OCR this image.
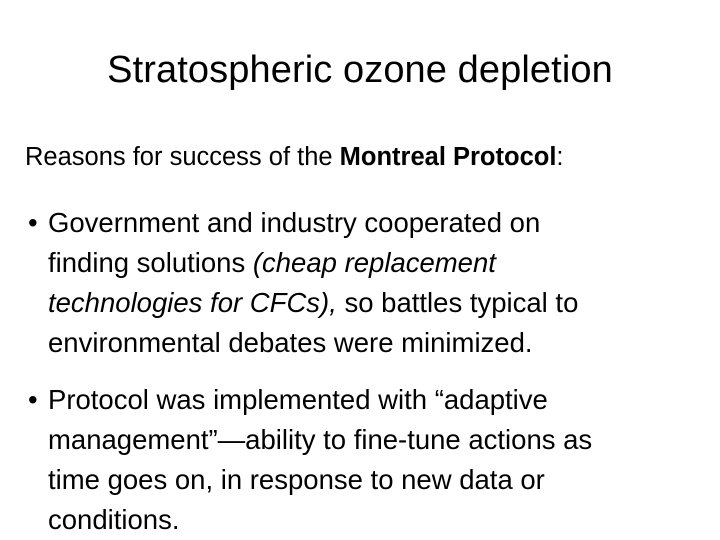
Stratospheric ozone depletion
Reasons for success of the Montreal Protocol:
• Government and industry cooperated on
finding solutions (cheap replacement
technologies for CFCs), so battles typical to
environmental debates were minimized.
• Protocol was implemented with “adaptive
management”—ability to fine-tune actions as
time goes on, in response to new data or
conditions.
